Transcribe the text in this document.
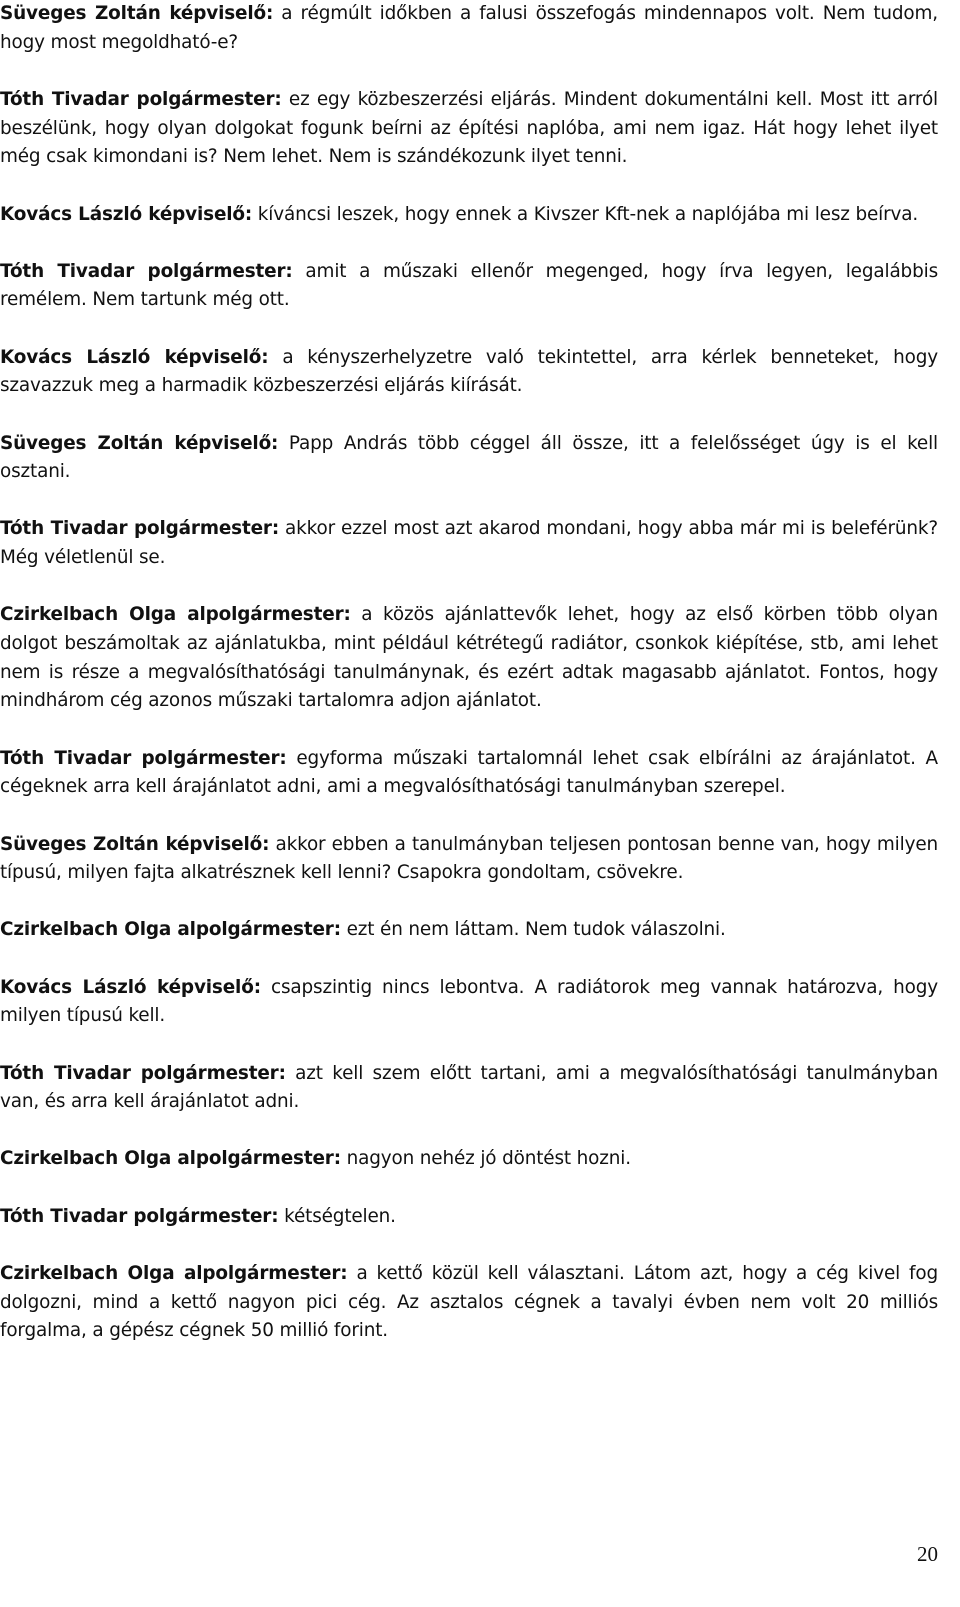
Süveges Zoltán képviselő: a régmúlt időkben a falusi összefogás mindennapos volt. Nem tudom, hogy most megoldható-e?

Tóth Tivadar polgármester: ez egy közbeszerzési eljárás. Mindent dokumentálni kell. Most itt arról beszélünk, hogy olyan dolgokat fogunk beírni az építési naplóba, ami nem igaz. Hát hogy lehet ilyet még csak kimondani is? Nem lehet. Nem is szándékozunk ilyet tenni.

Kovács László képviselő: kíváncsi leszek, hogy ennek a Kivszer Kft-nek a naplójába mi lesz beírva.

Tóth Tivadar polgármester: amit a műszaki ellenőr megenged, hogy írva legyen, legalábbis remélem. Nem tartunk még ott.

Kovács László képviselő: a kényszerhelyzetre való tekintettel, arra kérlek benneteket, hogy szavazzuk meg a harmadik közbeszerzési eljárás kiírását.

Süveges Zoltán képviselő: Papp András több céggel áll össze, itt a felelősséget úgy is el kell osztani.

Tóth Tivadar polgármester: akkor ezzel most azt akarod mondani, hogy abba már mi is beleférünk? Még véletlenül se.

Czirkelbach Olga alpolgármester: a közös ajánlattevők lehet, hogy az első körben több olyan dolgot beszámoltak az ajánlatukba, mint például kétrétegű radiátor, csonkok kiépítése, stb, ami lehet nem is része a megvalósíthatósági tanulmánynak, és ezért adtak magasabb ajánlatot. Fontos, hogy mindhárom cég azonos műszaki tartalomra adjon ajánlatot.

Tóth Tivadar polgármester: egyforma műszaki tartalomnál lehet csak elbírálni az árajánlatot. A cégeknek arra kell árajánlatot adni, ami a megvalósíthatósági tanulmányban szerepel.

Süveges Zoltán képviselő: akkor ebben a tanulmányban teljesen pontosan benne van, hogy milyen típusú, milyen fajta alkatrésznek kell lenni? Csapokra gondoltam, csövekre.

Czirkelbach Olga alpolgármester: ezt én nem láttam. Nem tudok válaszolni.

Kovács László képviselő: csapszintig nincs lebontva. A radiátorok meg vannak határozva, hogy milyen típusú kell.

Tóth Tivadar polgármester: azt kell szem előtt tartani, ami a megvalósíthatósági tanulmányban van, és arra kell árajánlatot adni.

Czirkelbach Olga alpolgármester: nagyon nehéz jó döntést hozni.

Tóth Tivadar polgármester: kétségtelen.

Czirkelbach Olga alpolgármester: a kettő közül kell választani. Látom azt, hogy a cég kivel fog dolgozni, mind a kettő nagyon pici cég. Az asztalos cégnek a tavalyi évben nem volt 20 milliós forgalma, a gépész cégnek 50 millió forint.

20
